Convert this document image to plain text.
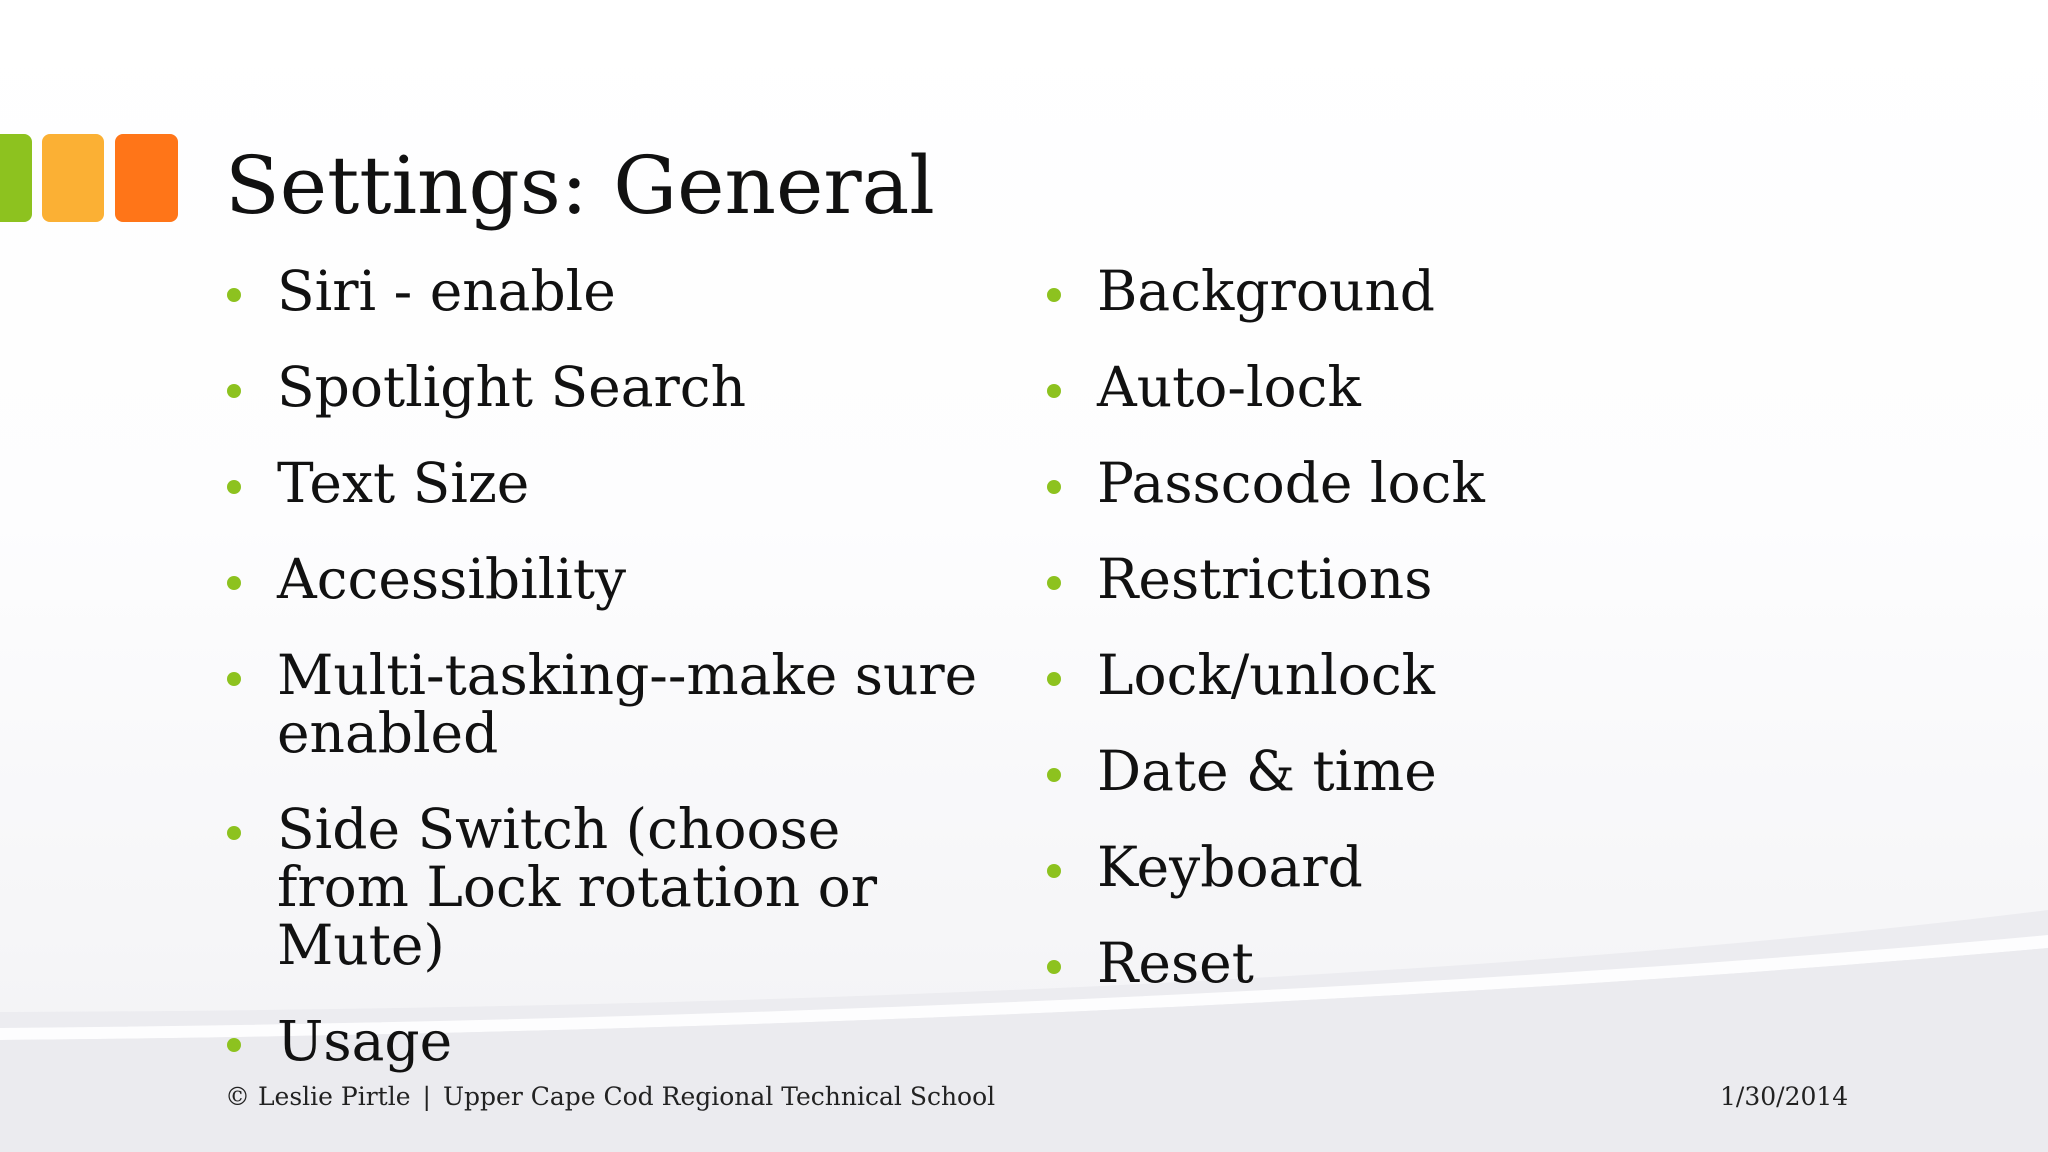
Settings: General
Siri - enable
Spotlight Search
Text Size
Accessibility
Multi-tasking--make sure enabled
Side Switch (choose from Lock rotation or Mute)
Usage
Background
Auto-lock
Passcode lock
Restrictions
Lock/unlock
Date & time
Keyboard
Reset
© Leslie Pirtle | Upper Cape Cod Regional Technical School	1/30/2014
